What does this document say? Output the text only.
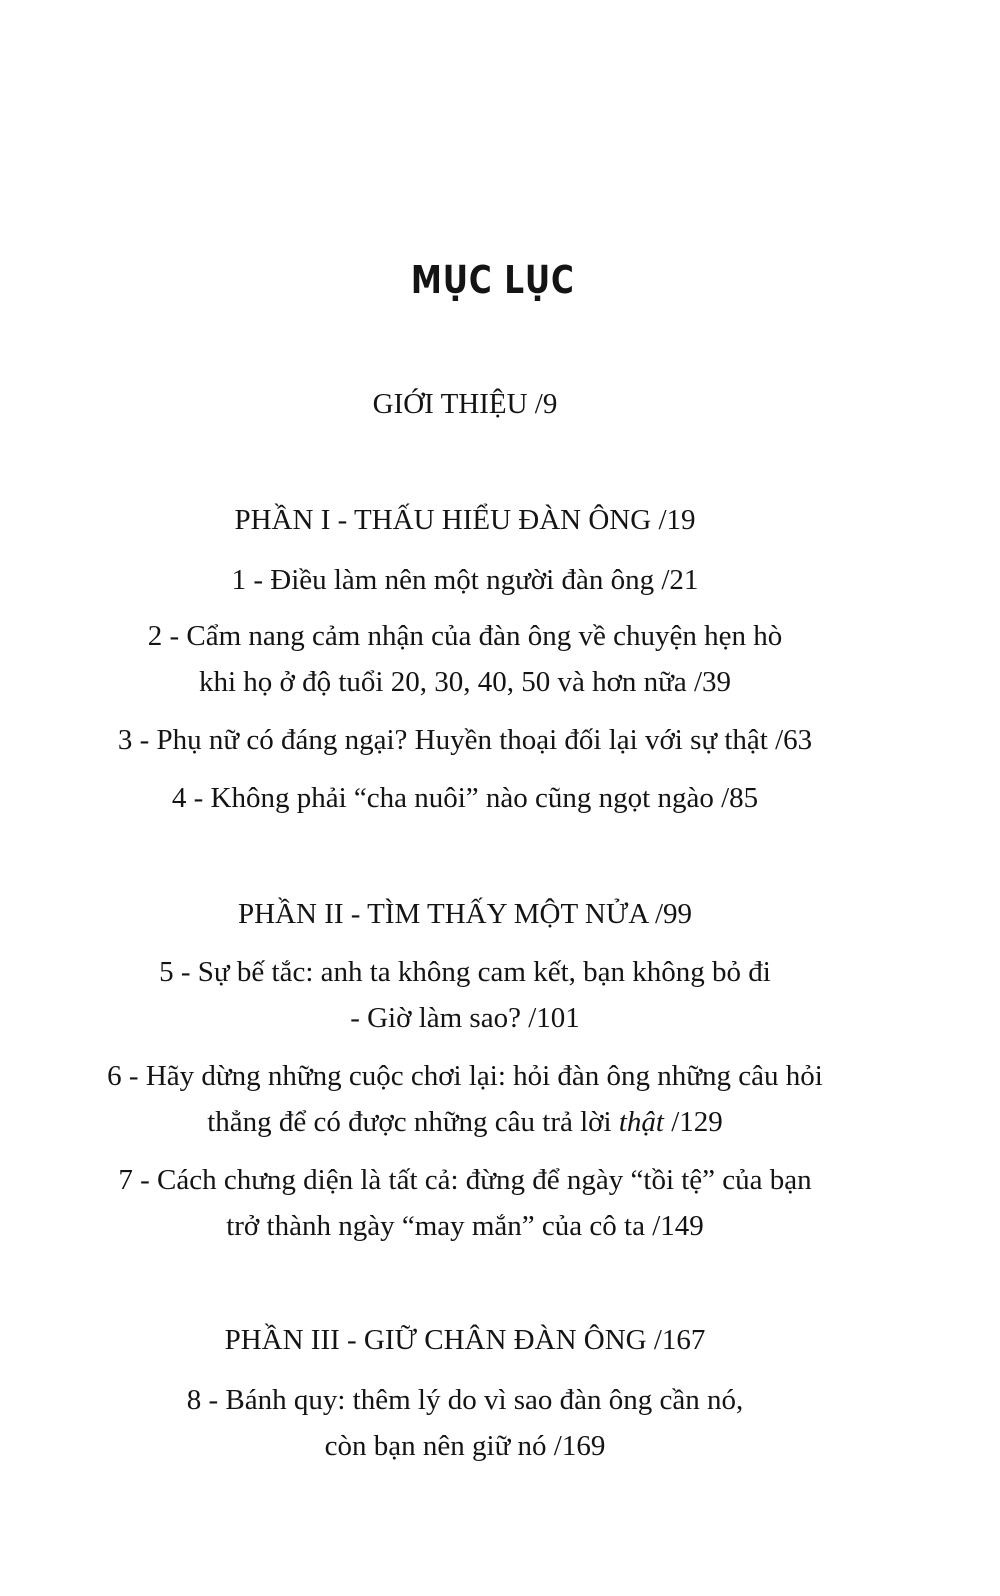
MỤC LỤC
GIỚI THIỆU /9
PHẦN I - THẤU HIỂU ĐÀN ÔNG /19
1 - Điều làm nên một người đàn ông /21
2 - Cẩm nang cảm nhận của đàn ông về chuyện hẹn hò
khi họ ở độ tuổi 20, 30, 40, 50 và hơn nữa /39
3 - Phụ nữ có đáng ngại? Huyền thoại đối lại với sự thật /63
4 - Không phải “cha nuôi” nào cũng ngọt ngào /85
PHẦN II - TÌM THẤY MỘT NỬA /99
5 - Sự bế tắc: anh ta không cam kết, bạn không bỏ đi
- Giờ làm sao? /101
6 - Hãy dừng những cuộc chơi lại: hỏi đàn ông những câu hỏi
thẳng để có được những câu trả lời thật /129
7 - Cách chưng diện là tất cả: đừng để ngày “tồi tệ” của bạn
trở thành ngày “may mắn” của cô ta /149
PHẦN III - GIỮ CHÂN ĐÀN ÔNG /167
8 - Bánh quy: thêm lý do vì sao đàn ông cần nó,
còn bạn nên giữ nó /169
